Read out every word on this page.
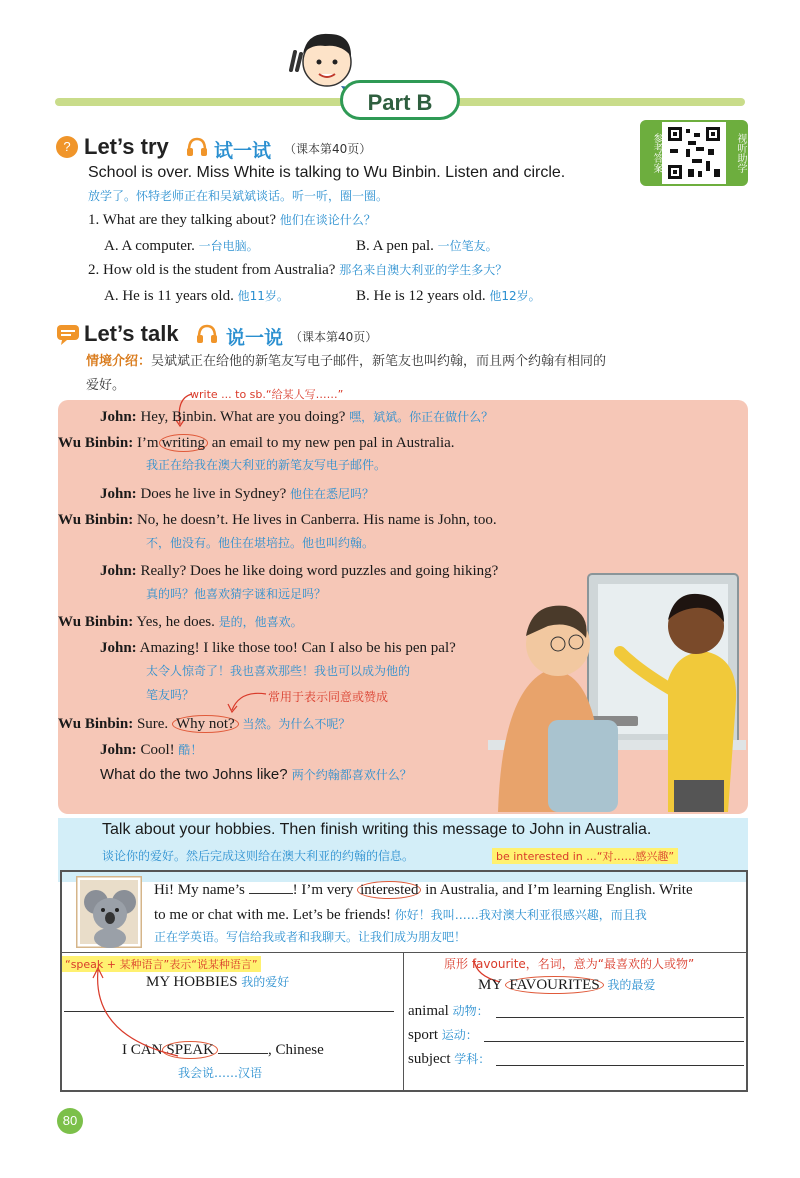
Part B
? Let’s try 试一试 （课本第40页）	参考答案	视听助学
School is over. Miss White is talking to Wu Binbin. Listen and circle.
放学了。怀特老师正在和吴斌斌谈话。听一听，圈一圈。
1. What are they talking about? 他们在谈论什么？
A. A computer. 一台电脑。	B. A pen pal. 一位笔友。
2. How old is the student from Australia? 那名来自澳大利亚的学生多大？
A. He is 11 years old. 他11岁。	B. He is 12 years old. 他12岁。
Let’s talk 说一说 （课本第40页）
情境介绍：吴斌斌正在给他的新笔友写电子邮件，新笔友也叫约翰，而且两个约翰有相同的
爱好。
write ... to sb.“给某人写……”
John: Hey, Binbin. What are you doing? 嘿，斌斌。你正在做什么？
Wu Binbin: I’m writing an email to my new pen pal in Australia.
我正在给我在澳大利亚的新笔友写电子邮件。
John: Does he live in Sydney? 他住在悉尼吗？
Wu Binbin: No, he doesn’t. He lives in Canberra. His name is John, too.
不，他没有。他住在堪培拉。他也叫约翰。
John: Really? Does he like doing word puzzles and going hiking?
真的吗？他喜欢猜字谜和远足吗？
Wu Binbin: Yes, he does. 是的，他喜欢。
John: Amazing! I like those too! Can I also be his pen pal?
太令人惊奇了！我也喜欢那些！我也可以成为他的
笔友吗？	常用于表示同意或赞成
Wu Binbin: Sure. Why not? 当然。为什么不呢？
John: Cool! 酷！
What do the two Johns like? 两个约翰都喜欢什么？
Talk about your hobbies. Then finish writing this message to John in Australia.
谈论你的爱好。然后完成这则给在澳大利亚的约翰的信息。	be interested in ...“对……感兴趣”
Hi! My name’s	! I’m very interested in Australia, and I’m learning English. Write
to me or chat with me. Let’s be friends! 你好！我叫……我对澳大利亚很感兴趣，而且我
正在学英语。写信给我或者和我聊天。让我们成为朋友吧！
“speak + 某种语言”表示“说某种语言”
MY HOBBIES 我的爱好
I CAN SPEAK	, Chinese
我会说……汉语
原形 favourite，名词，意为“最喜欢的人或物”
MY FAVOURITES 我的最爱
animal 动物：
sport 运动：
subject 学科：
80
